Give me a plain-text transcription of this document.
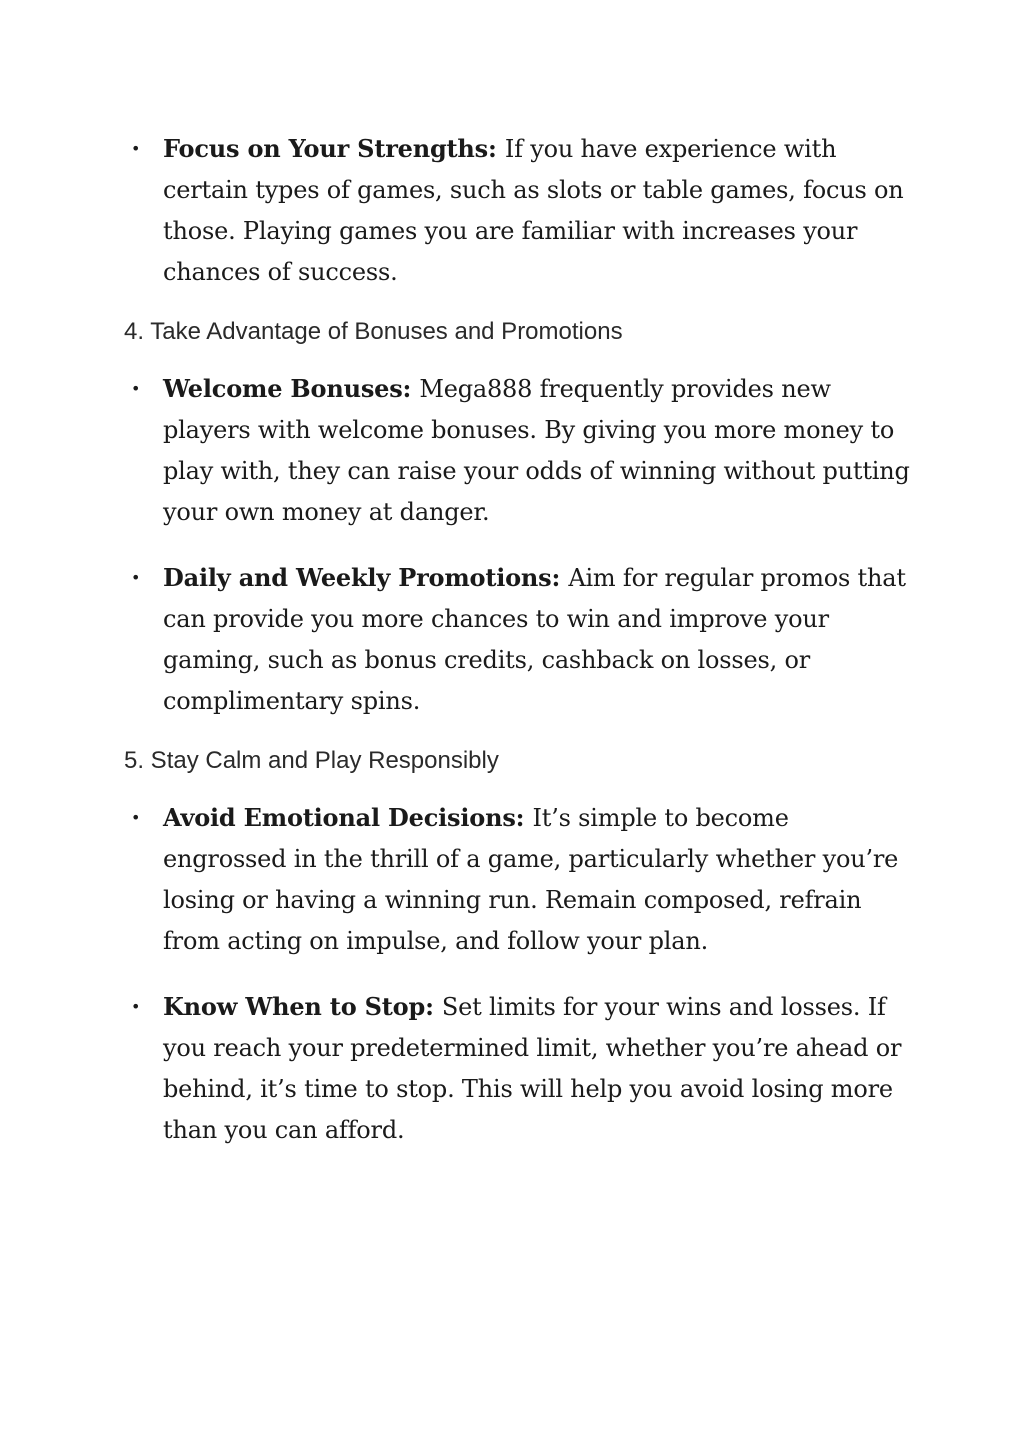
• Focus on Your Strengths: If you have experience with certain types of games, such as slots or table games, focus on those. Playing games you are familiar with increases your chances of success.
4. Take Advantage of Bonuses and Promotions
• Welcome Bonuses: Mega888 frequently provides new players with welcome bonuses. By giving you more money to play with, they can raise your odds of winning without putting your own money at danger.
• Daily and Weekly Promotions: Aim for regular promos that can provide you more chances to win and improve your gaming, such as bonus credits, cashback on losses, or complimentary spins.
5. Stay Calm and Play Responsibly
• Avoid Emotional Decisions: It’s simple to become engrossed in the thrill of a game, particularly whether you’re losing or having a winning run. Remain composed, refrain from acting on impulse, and follow your plan.
• Know When to Stop: Set limits for your wins and losses. If you reach your predetermined limit, whether you’re ahead or behind, it’s time to stop. This will help you avoid losing more than you can afford.
